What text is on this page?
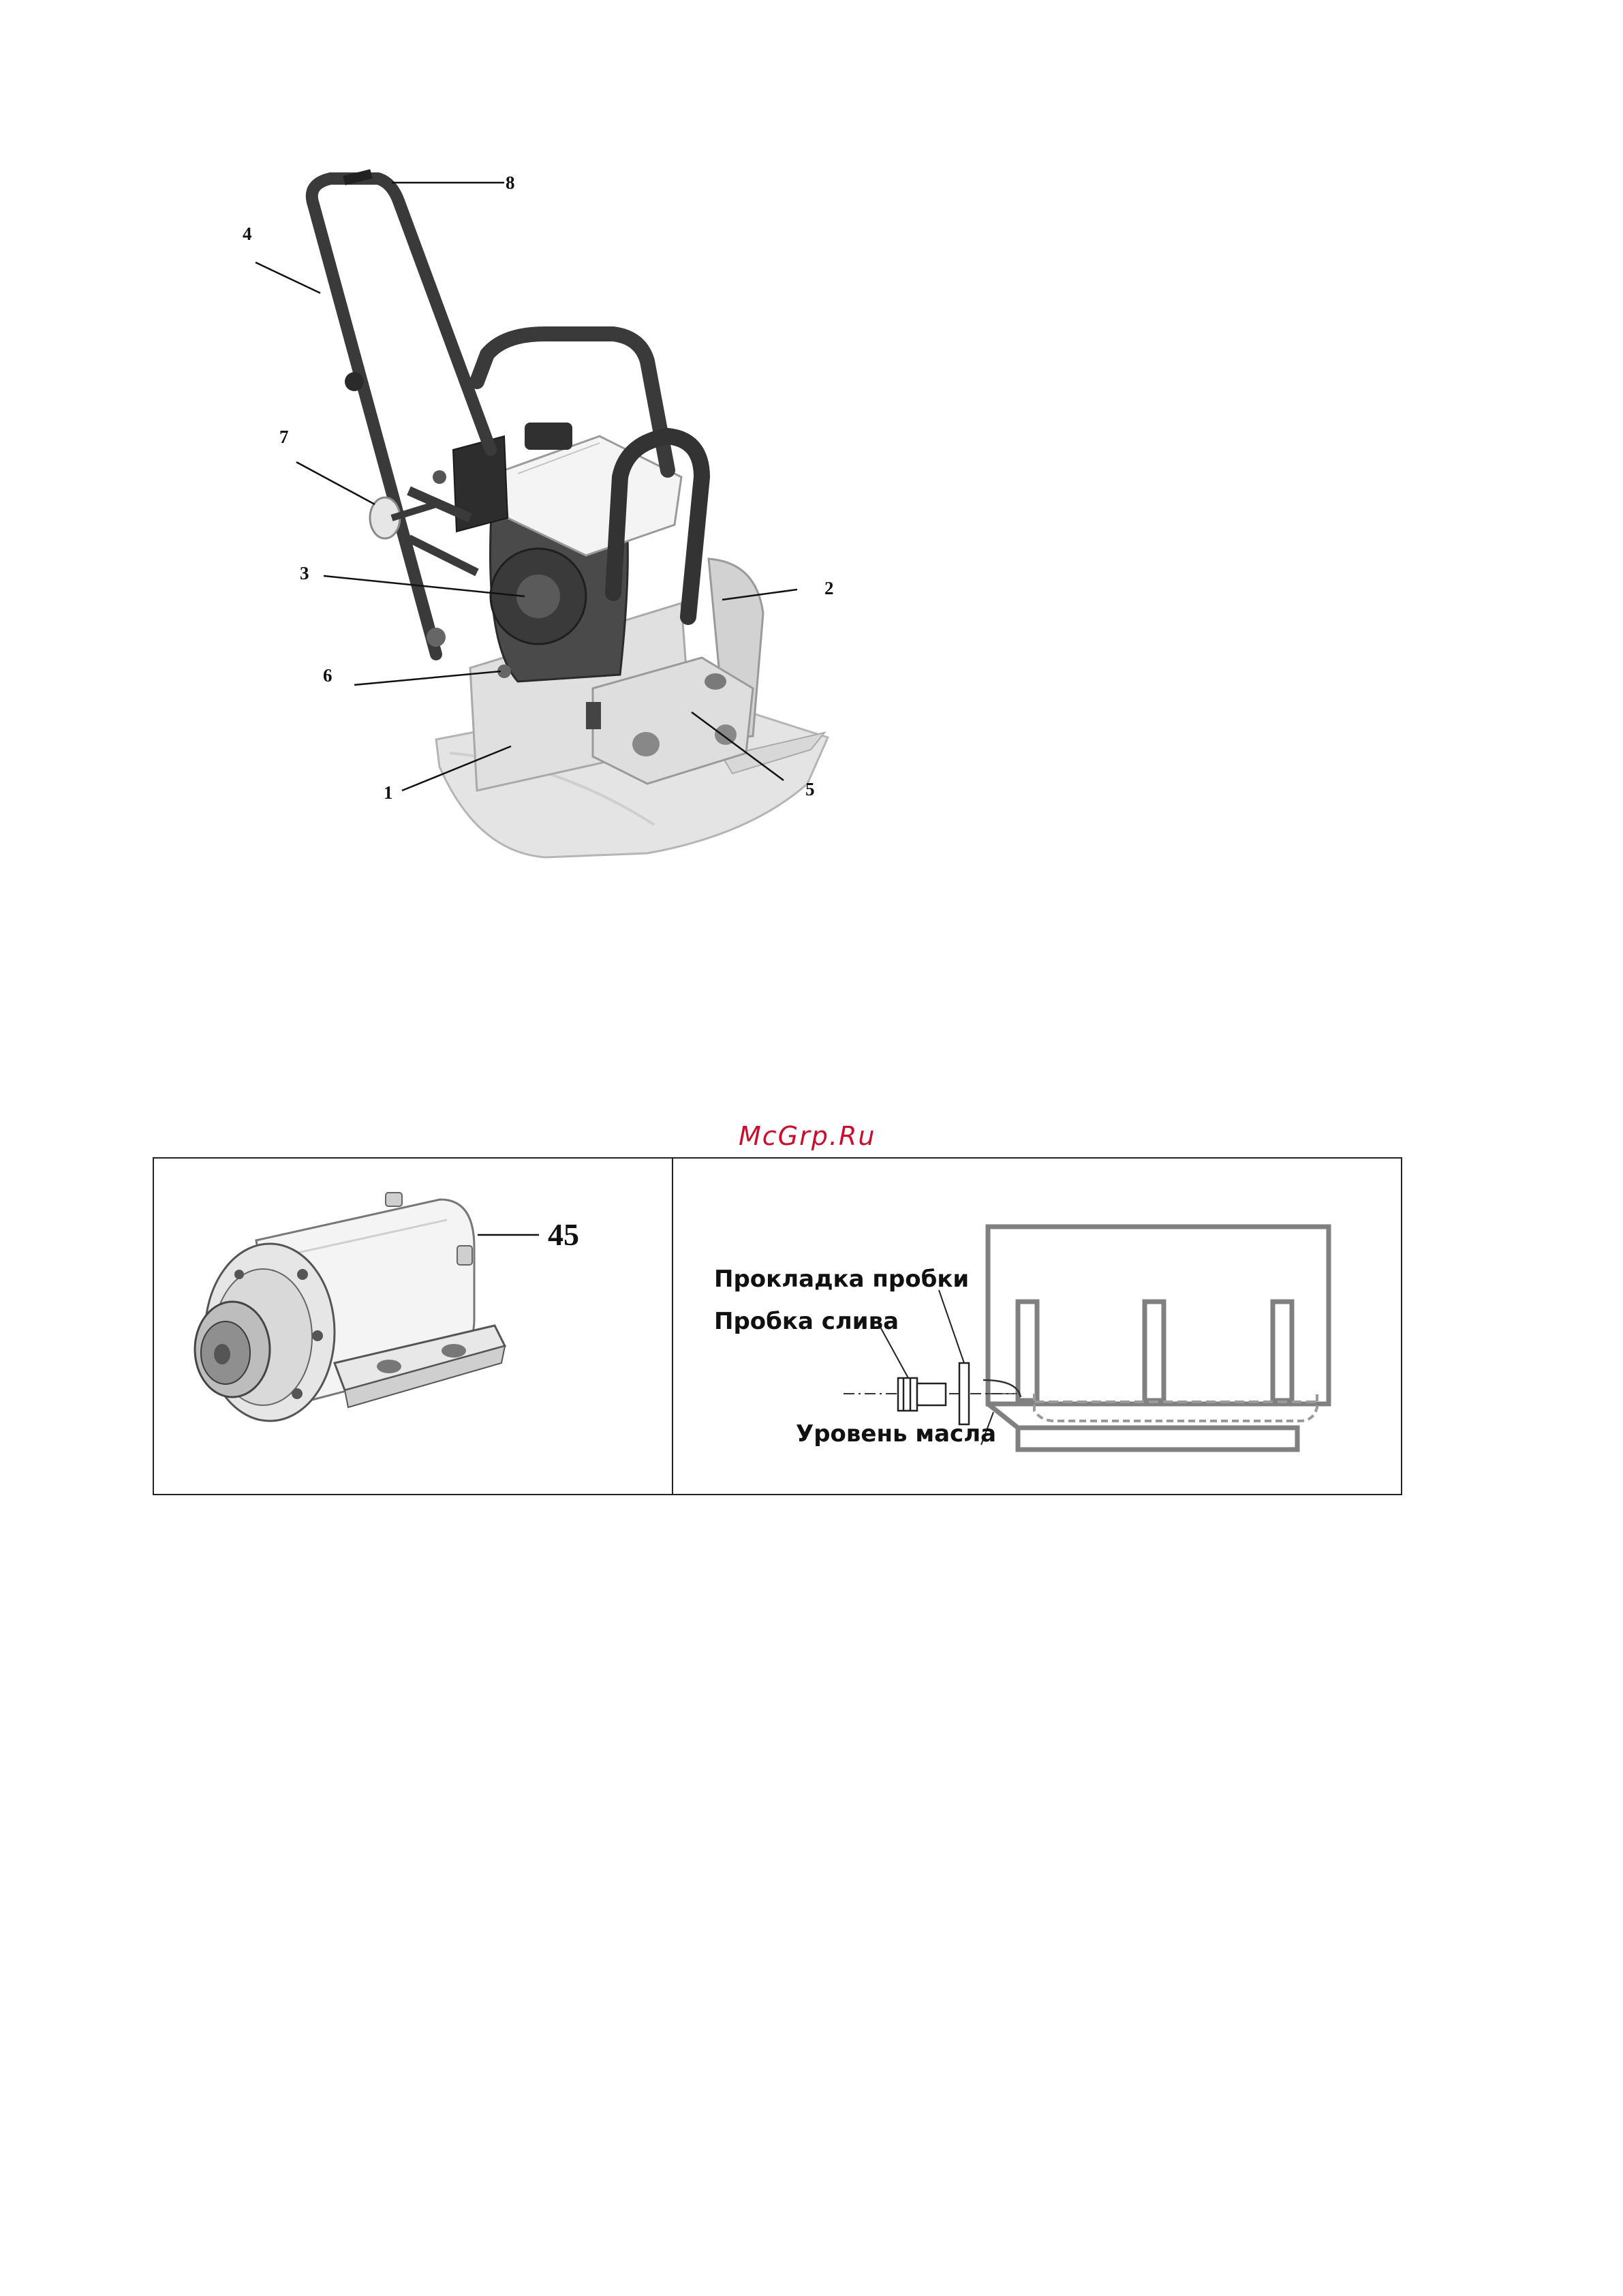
8
4
7
3
2
6
5
1
McGrp.Ru
45
Прокладка пробки
Пробка слива
Уровень масла
